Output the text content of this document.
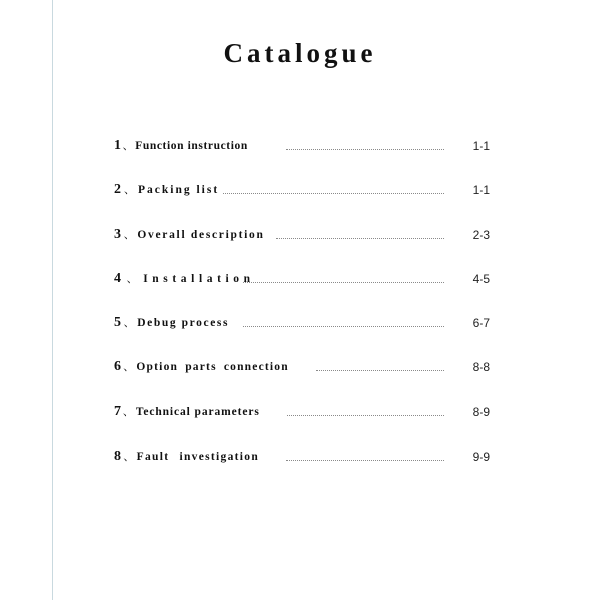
Catalogue
1、Function instruction	1-1
2、Packing list	1-1
3、Overall description	2-3
4、Installation	4-5
5、Debug process	6-7
6、Option parts connection	8-8
7、Technical parameters	8-9
8、Fault investigation	9-9
